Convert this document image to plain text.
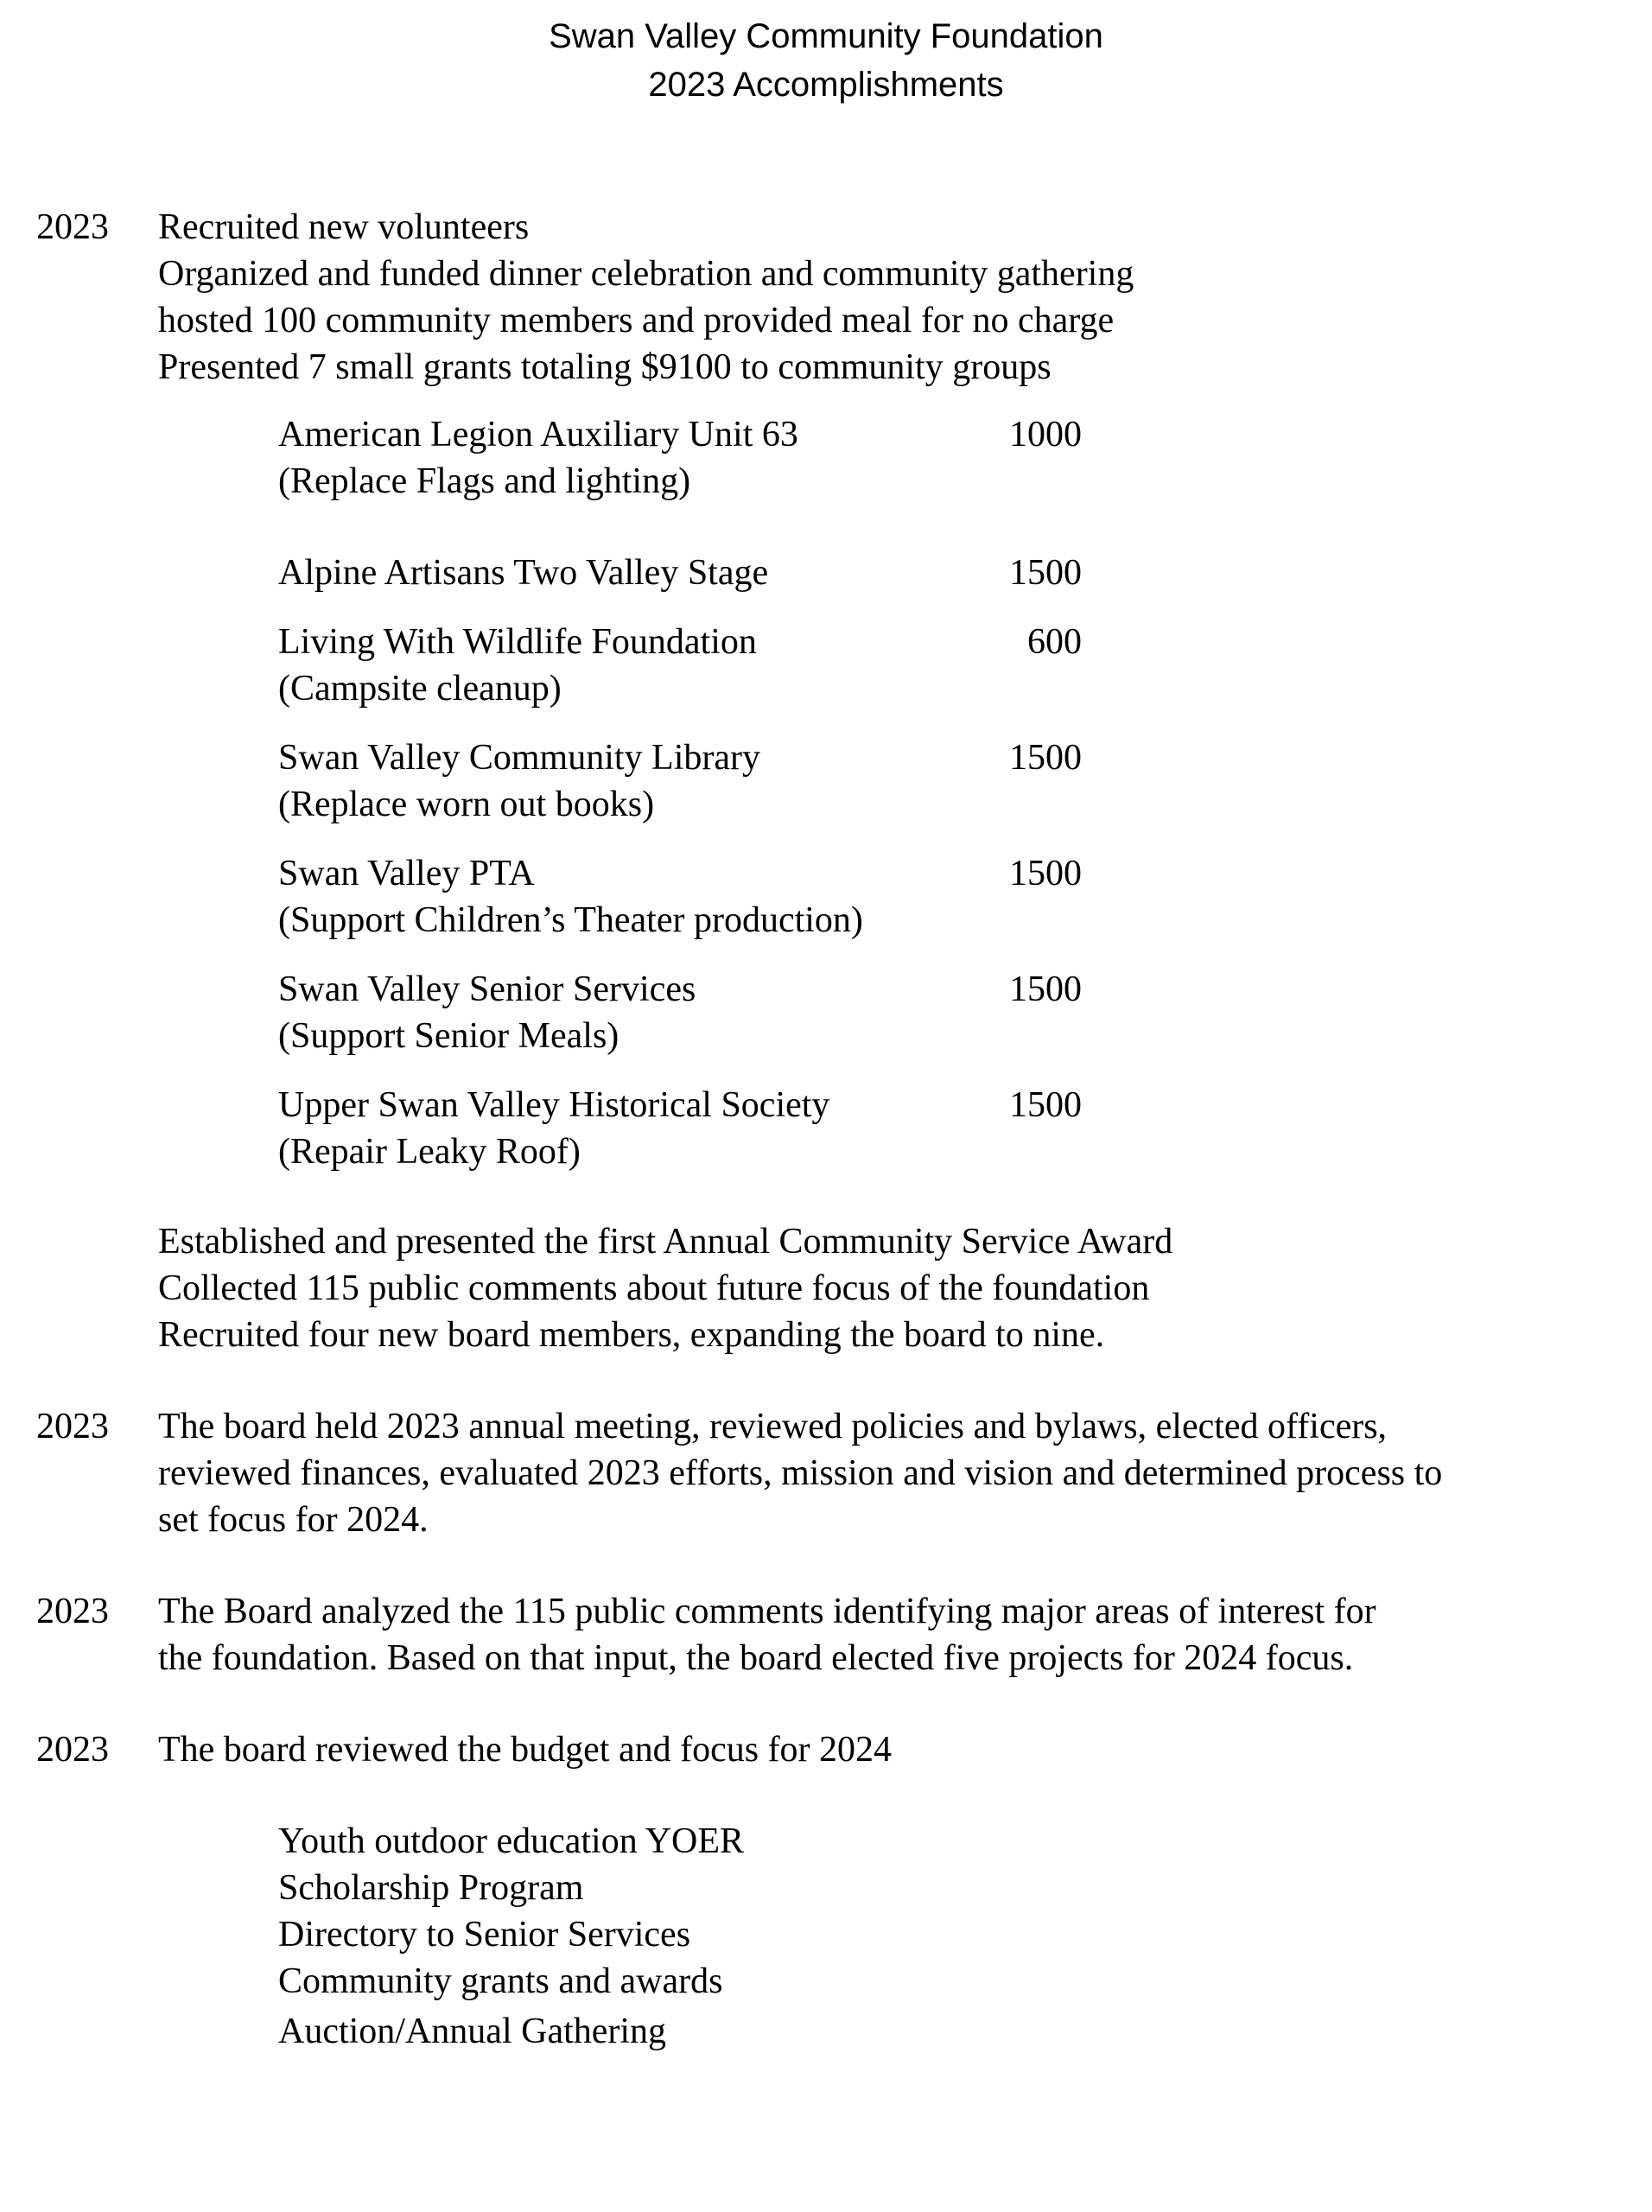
Swan Valley Community Foundation
2023 Accomplishments
2023 Recruited new volunteers
Organized and funded dinner celebration and community gathering
hosted 100 community members and provided meal for no charge
Presented 7 small grants totaling $9100 to community groups
American Legion Auxiliary Unit 63	1000
(Replace Flags and lighting)
Alpine Artisans Two Valley Stage	1500
Living With Wildlife Foundation	600
(Campsite cleanup)
Swan Valley Community Library	1500
(Replace worn out books)
Swan Valley PTA	1500
(Support Children’s Theater production)
Swan Valley Senior Services	1500
(Support Senior Meals)
Upper Swan Valley Historical Society	1500
(Repair Leaky Roof)
Established and presented the first Annual Community Service Award
Collected 115 public comments about future focus of the foundation
Recruited four new board members, expanding the board to nine.
2023 The board held 2023 annual meeting, reviewed policies and bylaws, elected officers,
reviewed finances, evaluated 2023 efforts, mission and vision and determined process to
set focus for 2024.
2023 The Board analyzed the 115 public comments identifying major areas of interest for
the foundation. Based on that input, the board elected five projects for 2024 focus.
2023 The board reviewed the budget and focus for 2024
Youth outdoor education YOER
Scholarship Program
Directory to Senior Services
Community grants and awards
Auction/Annual Gathering
